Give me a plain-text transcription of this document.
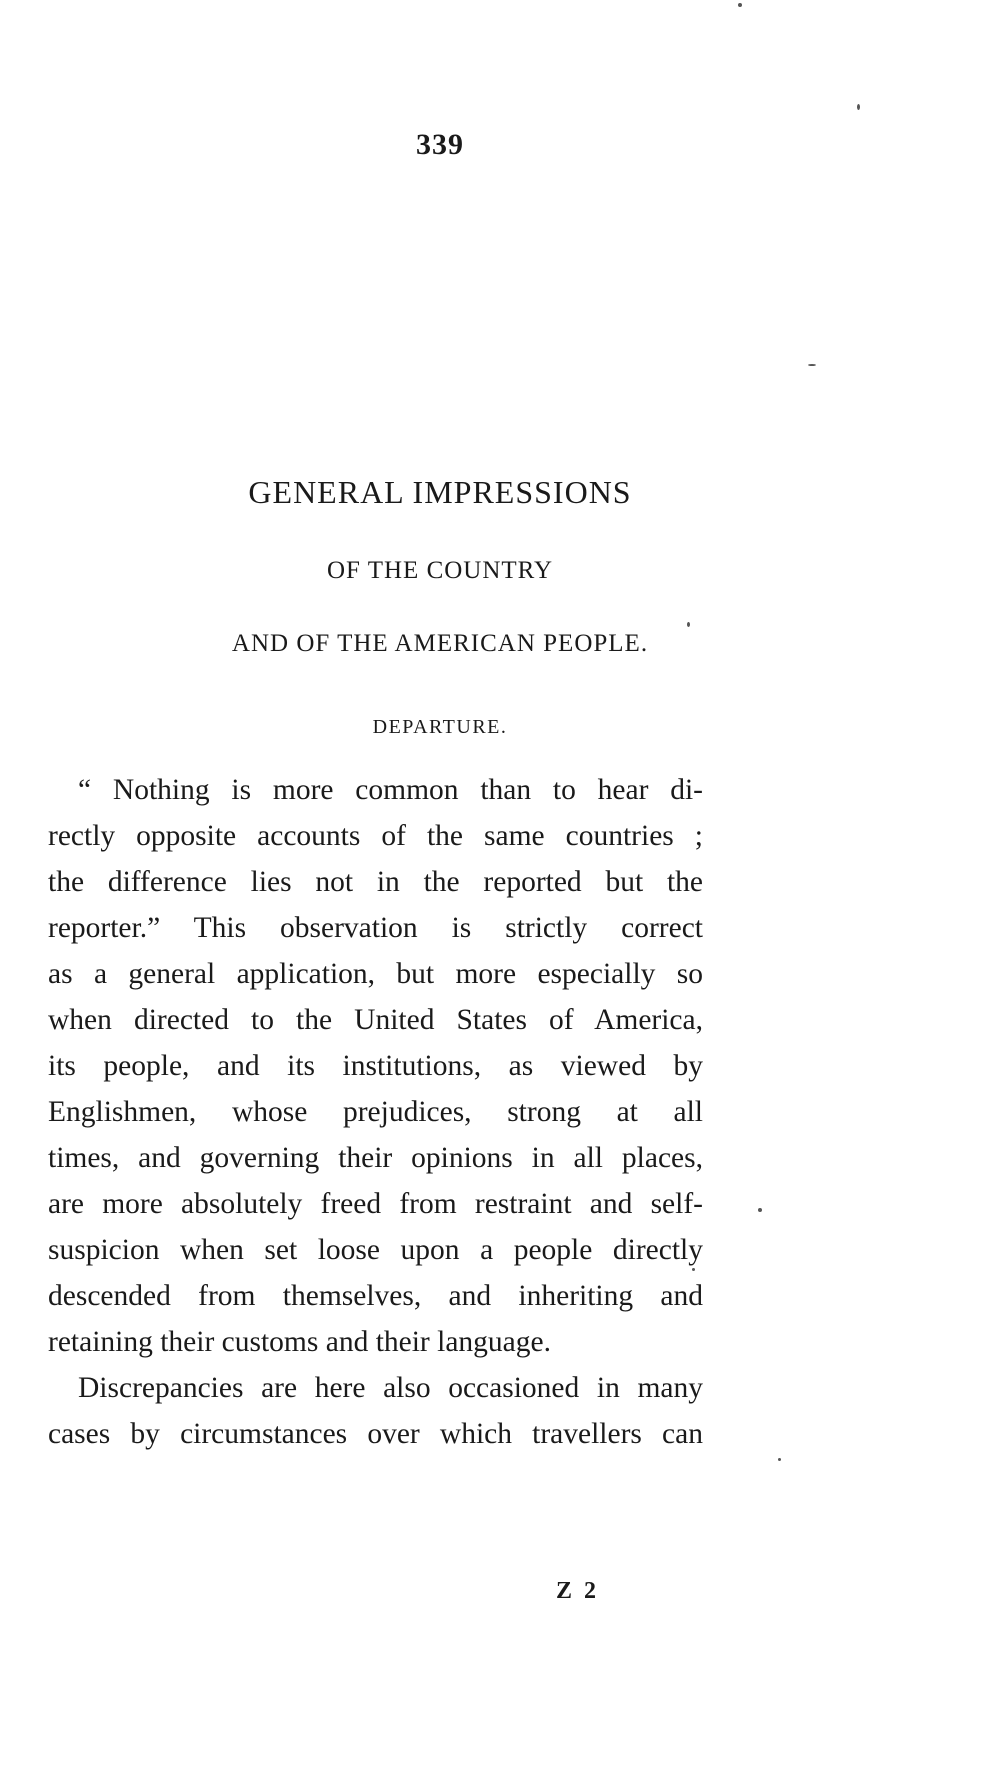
339
GENERAL IMPRESSIONS
OF THE COUNTRY
AND OF THE AMERICAN PEOPLE.
DEPARTURE.
“ Nothing is more common than to hear di-
rectly opposite accounts of the same countries ;
the difference lies not in the reported but the
reporter.” This observation is strictly correct
as a general application, but more especially so
when directed to the United States of America,
its people, and its institutions, as viewed by
Englishmen, whose prejudices, strong at all
times, and governing their opinions in all places,
are more absolutely freed from restraint and self-
suspicion when set loose upon a people directly
descended from themselves, and inheriting and
retaining their customs and their language.
Discrepancies are here also occasioned in many
cases by circumstances over which travellers can
Z 2
